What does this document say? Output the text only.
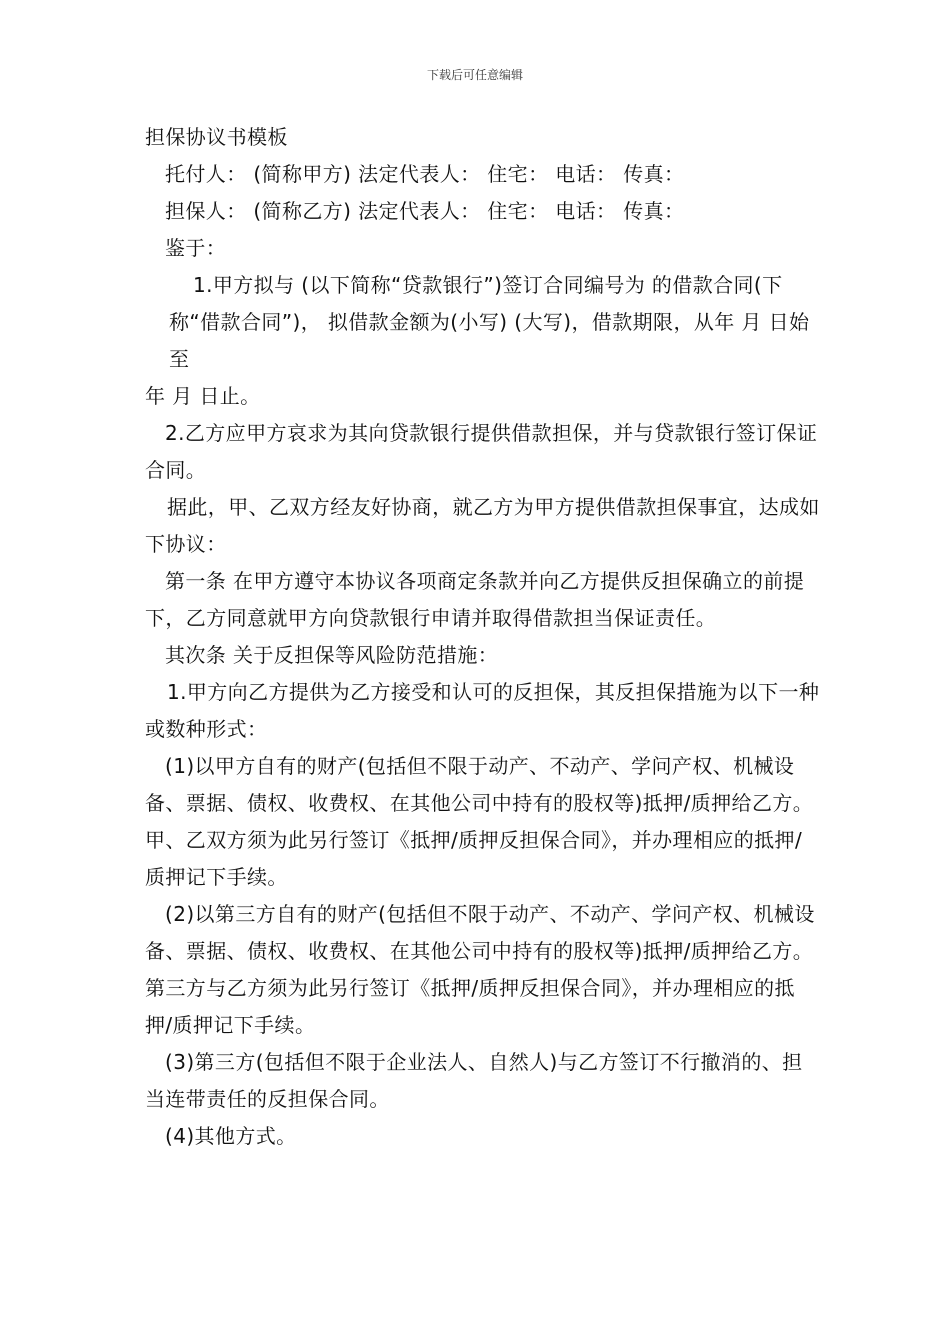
下载后可任意编辑

担保协议书模板

托付人： (简称甲方) 法定代表人： 住宅： 电话： 传真：

担保人： (简称乙方) 法定代表人： 住宅： 电话： 传真：

鉴于：

1.甲方拟与 (以下简称“贷款银行”)签订合同编号为 的借款合同(下称“借款合同”)， 拟借款金额为(小写) (大写)，借款期限，从年 月 日始至

年 月 日止。

2.乙方应甲方哀求为其向贷款银行提供借款担保，并与贷款银行签订保证合同。

据此，甲、乙双方经友好协商，就乙方为甲方提供借款担保事宜，达成如下协议：

第一条 在甲方遵守本协议各项商定条款并向乙方提供反担保确立的前提下，乙方同意就甲方向贷款银行申请并取得借款担当保证责任。

其次条 关于反担保等风险防范措施：

1.甲方向乙方提供为乙方接受和认可的反担保，其反担保措施为以下一种或数种形式：

(1)以甲方自有的财产(包括但不限于动产、不动产、学问产权、机械设备、票据、债权、收费权、在其他公司中持有的股权等)抵押/质押给乙方。甲、乙双方须为此另行签订《抵押/质押反担保合同》，并办理相应的抵押/质押记下手续。

(2)以第三方自有的财产(包括但不限于动产、不动产、学问产权、机械设备、票据、债权、收费权、在其他公司中持有的股权等)抵押/质押给乙方。第三方与乙方须为此另行签订《抵押/质押反担保合同》，并办理相应的抵押/质押记下手续。

(3)第三方(包括但不限于企业法人、自然人)与乙方签订不行撤消的、担当连带责任的反担保合同。

(4)其他方式。
